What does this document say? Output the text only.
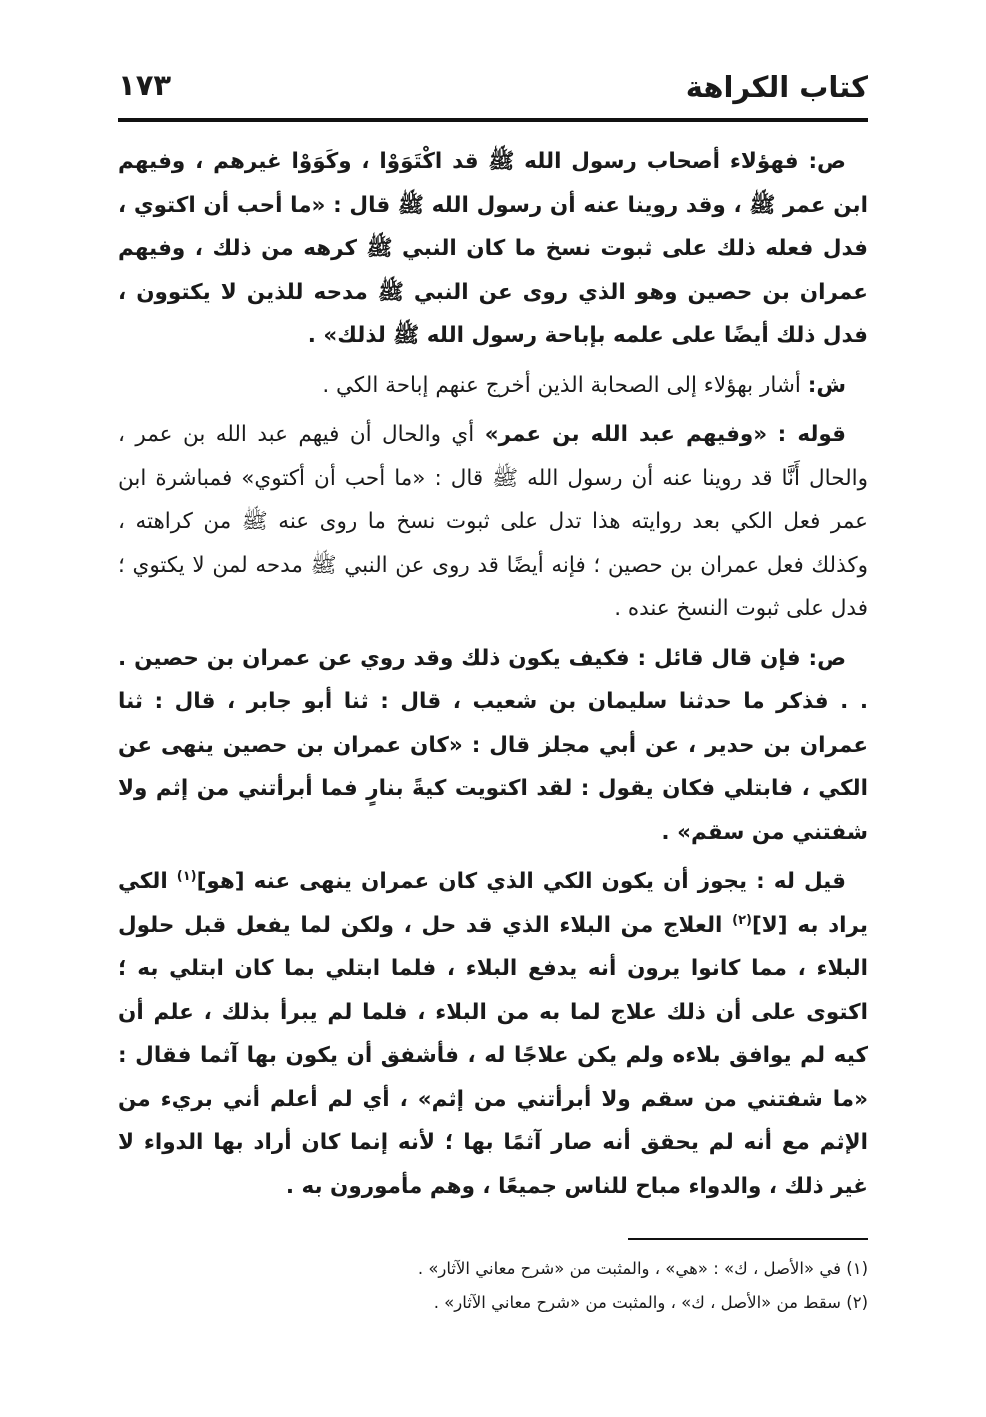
كتاب الكراهة
١٧٣

ص: فهؤلاء أصحاب رسول الله ﷺ قد اكْتَوَوْا ، وكَوَوْا غيرهم ، وفيهم ابن عمر ﷺ ، وقد روينا عنه أن رسول الله ﷺ قال : «ما أحب أن اكتوي ، فدل فعله ذلك على ثبوت نسخ ما كان النبي ﷺ كرهه من ذلك ، وفيهم عمران بن حصين وهو الذي روى عن النبي ﷺ مدحه للذين لا يكتوون ، فدل ذلك أيضًا على علمه بإباحة رسول الله ﷺ لذلك» .

ش: أشار بهؤلاء إلى الصحابة الذين أخرج عنهم إباحة الكي .

قوله : «وفيهم عبد الله بن عمر» أي والحال أن فيهم عبد الله بن عمر ، والحال أَنَّا قد روينا عنه أن رسول الله ﷺ قال : «ما أحب أن أكتوي» فمباشرة ابن عمر فعل الكي بعد روايته هذا تدل على ثبوت نسخ ما روى عنه ﷺ من كراهته ، وكذلك فعل عمران بن حصين ؛ فإنه أيضًا قد روى عن النبي ﷺ مدحه لمن لا يكتوي ؛ فدل على ثبوت النسخ عنده .

ص: فإن قال قائل : فكيف يكون ذلك وقد روي عن عمران بن حصين . . . فذكر ما حدثنا سليمان بن شعيب ، قال : ثنا أبو جابر ، قال : ثنا عمران بن حدير ، عن أبي مجلز قال : «كان عمران بن حصين ينهى عن الكي ، فابتلي فكان يقول : لقد اكتويت كيةً بنارٍ فما أبرأتني من إثم ولا شفتني من سقم» .

قيل له : يجوز أن يكون الكي الذي كان عمران ينهى عنه [هو]$^{(١)}$ الكي يراد به [لا]$^{(٢)}$ العلاج من البلاء الذي قد حل ، ولكن لما يفعل قبل حلول البلاء ، مما كانوا يرون أنه يدفع البلاء ، فلما ابتلي بما كان ابتلي به ؛ اكتوى على أن ذلك علاج لما به من البلاء ، فلما لم يبرأ بذلك ، علم أن كيه لم يوافق بلاءه ولم يكن علاجًا له ، فأشفق أن يكون بها آثما فقال : «ما شفتني من سقم ولا أبرأتني من إثم» ، أي لم أعلم أني بريء من الإثم مع أنه لم يحقق أنه صار آثمًا بها ؛ لأنه إنما كان أراد بها الدواء لا غير ذلك ، والدواء مباح للناس جميعًا ، وهم مأمورون به .

(١) في «الأصل ، ك» : «هي» ، والمثبت من «شرح معاني الآثار» .

(٢) سقط من «الأصل ، ك» ، والمثبت من «شرح معاني الآثار» .
